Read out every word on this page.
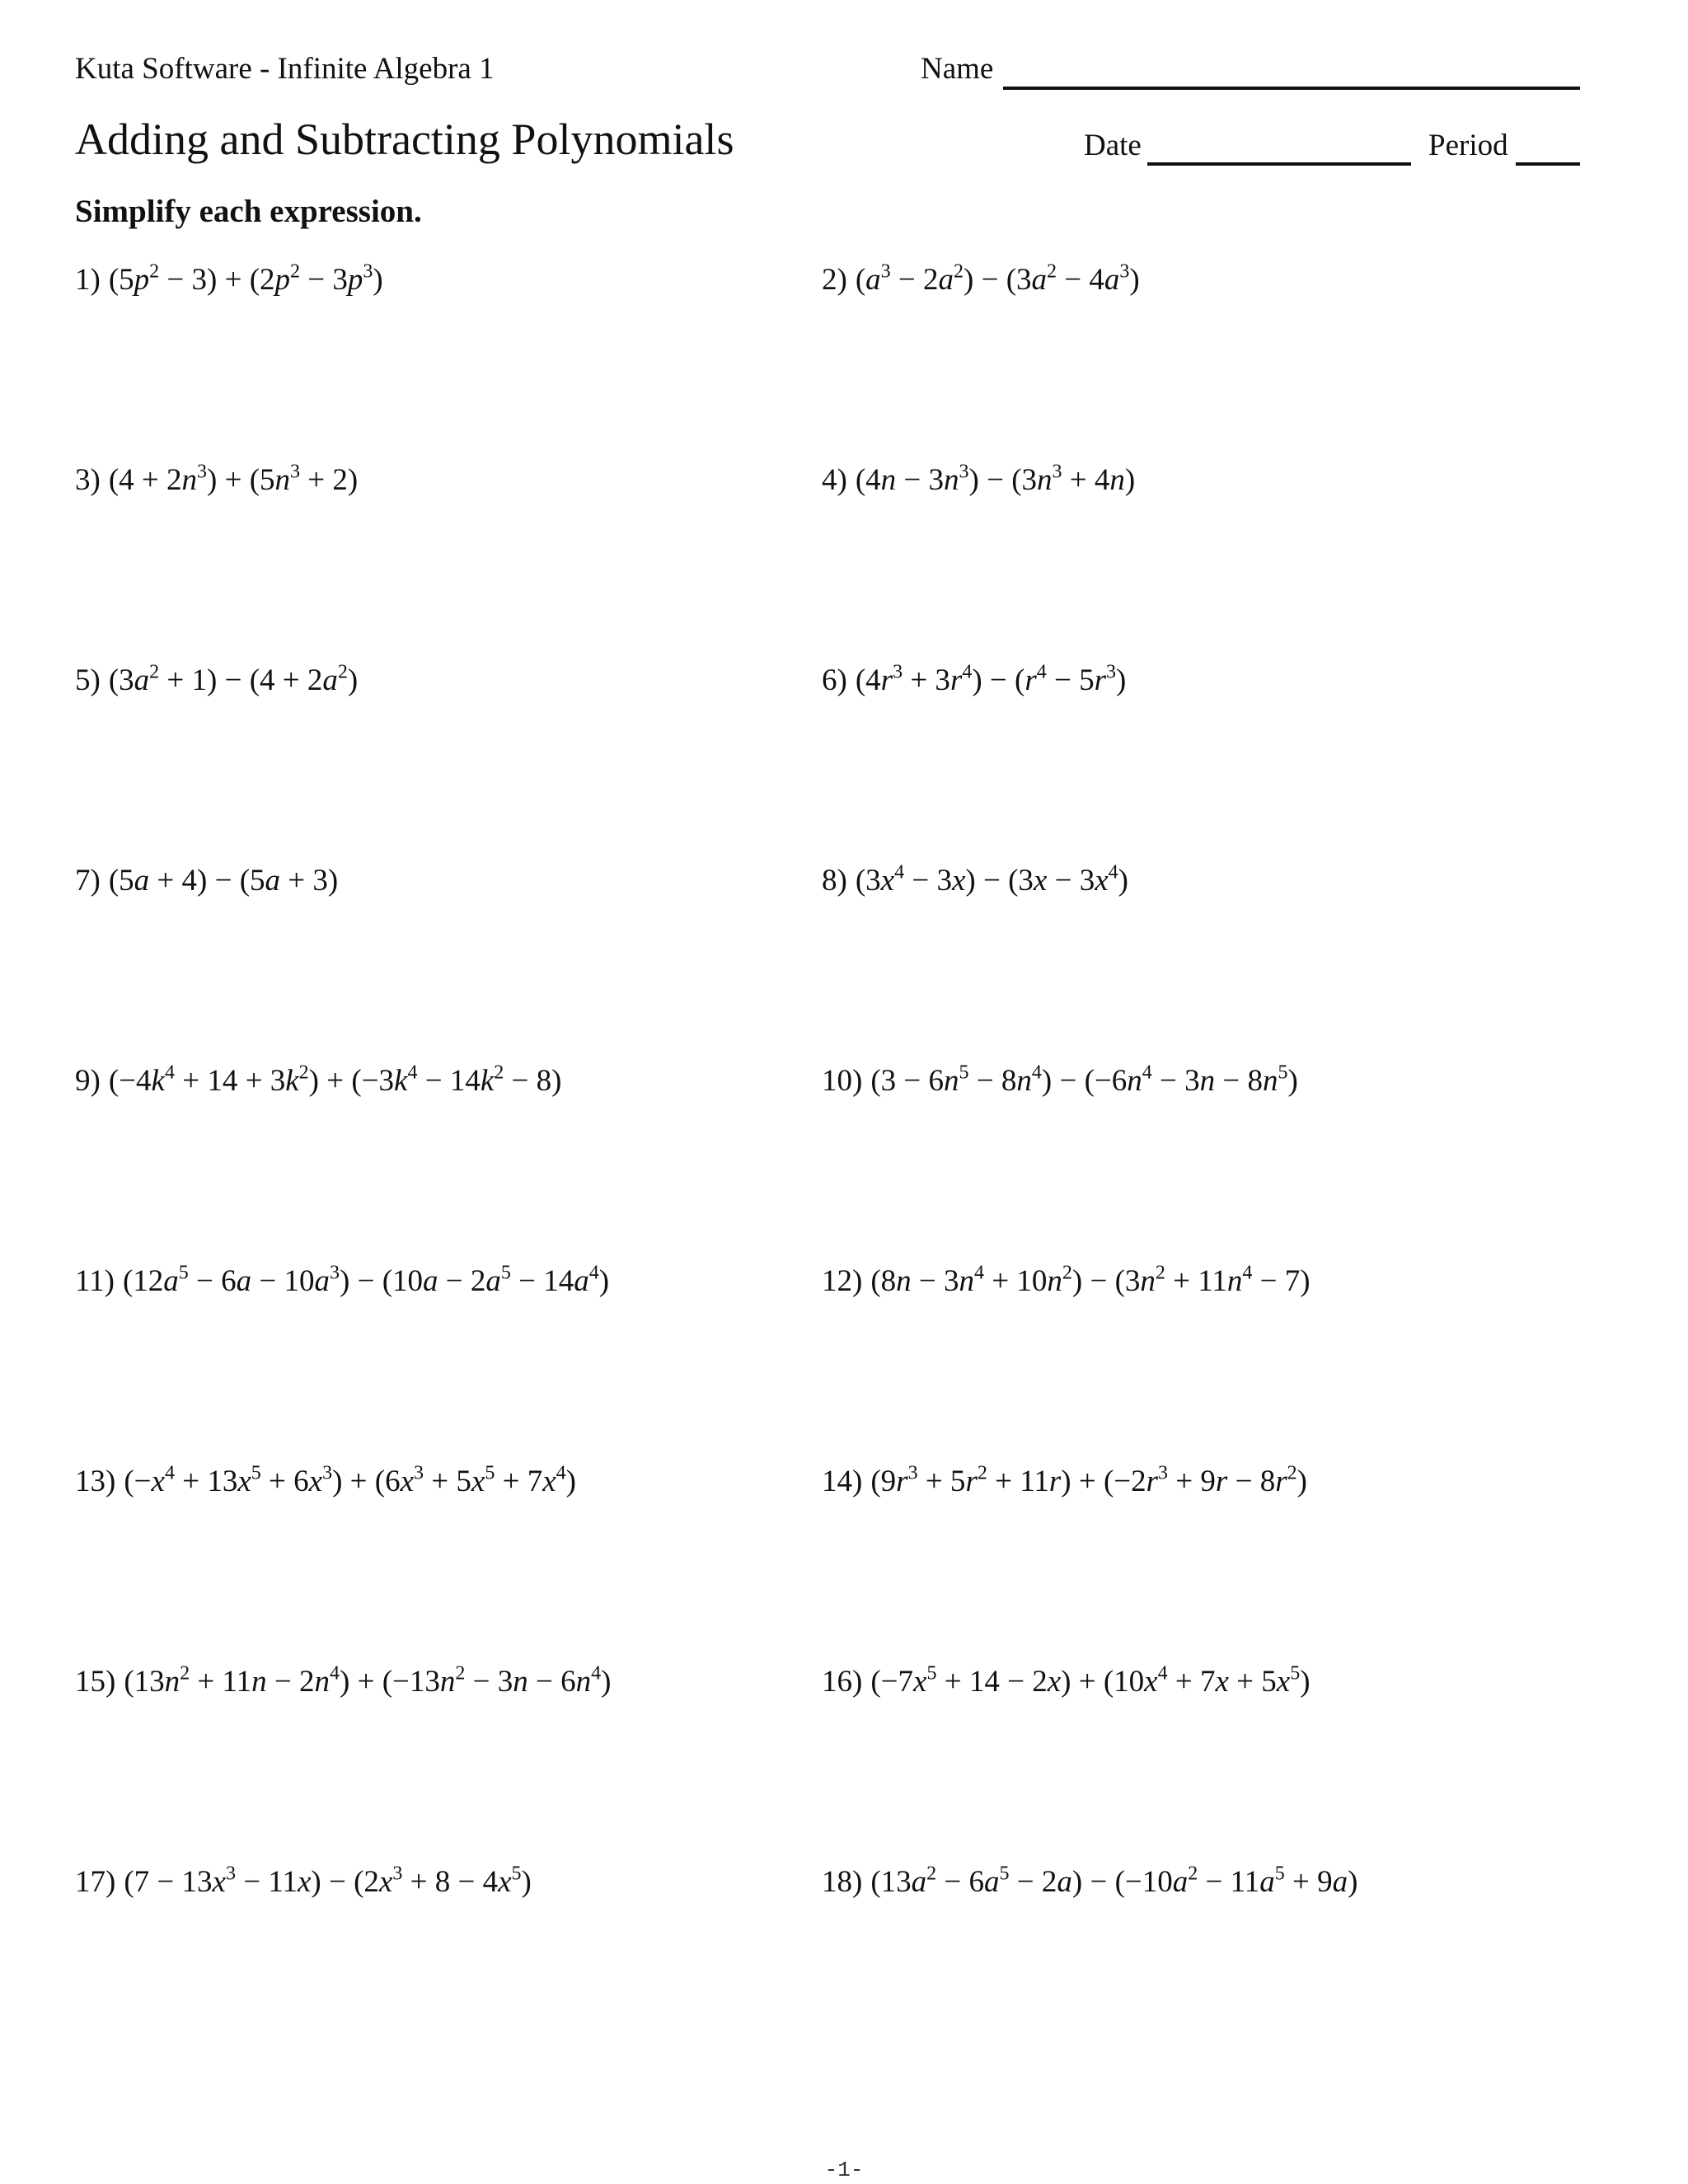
Kuta Software - Infinite Algebra 1	Name
Adding and Subtracting Polynomials	Date	Period
Simplify each expression.
1) $(5p^2 - 3) + (2p^2 - 3p^3)$	2) $(a^3 - 2a^2) - (3a^2 - 4a^3)$
3) $(4 + 2n^3) + (5n^3 + 2)$	4) $(4n - 3n^3) - (3n^3 + 4n)$
5) $(3a^2 + 1) - (4 + 2a^2)$	6) $(4r^3 + 3r^4) - (r^4 - 5r^3)$
7) (5a + 4) − (5a + 3)	8) $(3x^4 - 3x) - (3x - 3x^4)$
9) $(-4k^4 + 14 + 3k^2) + (-3k^4 - 14k^2 - 8)$	10) $(3 - 6n^5 - 8n^4) - (-6n^4 - 3n - 8n^5)$
11) $(12a^5 - 6a - 10a^3) - (10a - 2a^5 - 14a^4)$	12) $(8n - 3n^4 + 10n^2) - (3n^2 + 11n^4 - 7)$
13) $(-x^4 + 13x^5 + 6x^3) + (6x^3 + 5x^5 + 7x^4)$	14) $(9r^3 + 5r^2 + 11r) + (-2r^3 + 9r - 8r^2)$
15) $(13n^2 + 11n - 2n^4) + (-13n^2 - 3n - 6n^4)$	16) $(-7x^5 + 14 - 2x) + (10x^4 + 7x + 5x^5)$
17) $(7 - 13x^3 - 11x) - (2x^3 + 8 - 4x^5)$	18) $(13a^2 - 6a^5 - 2a) - (-10a^2 - 11a^5 + 9a)$
-1-
